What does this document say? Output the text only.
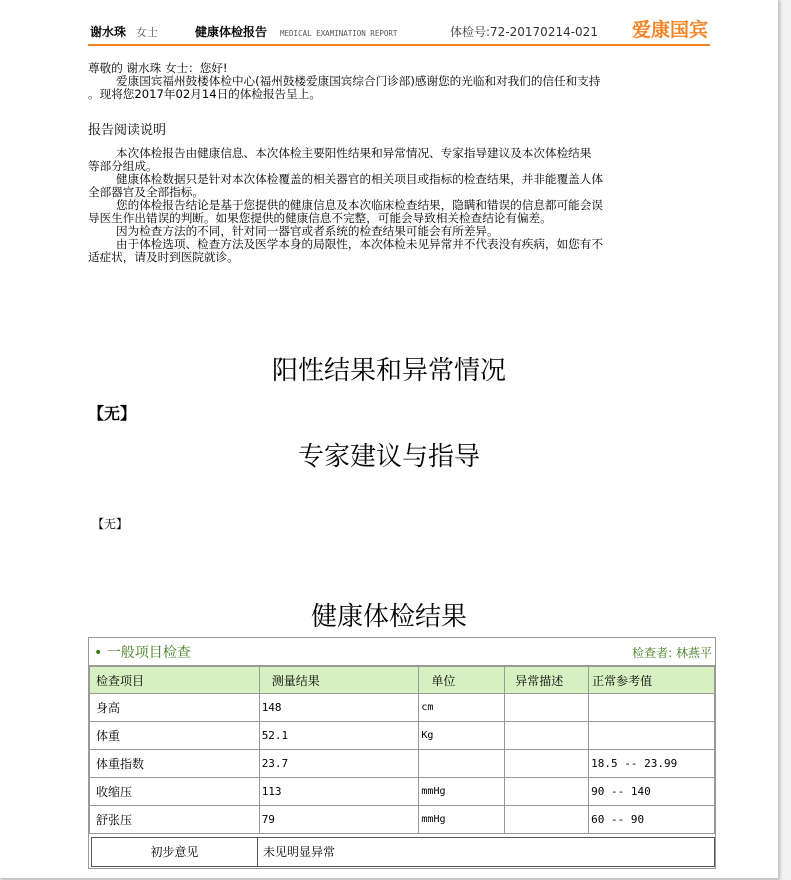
谢水珠 女士	健康体检报告 MEDICAL EXAMINATION REPORT	体检号:72-20170214-021 爱康国宾
尊敬的 谢水珠 女士：您好!
爱康国宾福州鼓楼体检中心(福州鼓楼爱康国宾综合门诊部)感谢您的光临和对我们的信任和支持
。现将您2017年02月14日的体检报告呈上。
报告阅读说明
本次体检报告由健康信息、本次体检主要阳性结果和异常情况、专家指导建议及本次体检结果
等部分组成。
健康体检数据只是针对本次体检覆盖的相关器官的相关项目或指标的检查结果，并非能覆盖人体
全部器官及全部指标。
您的体检报告结论是基于您提供的健康信息及本次临床检查结果，隐瞒和错误的信息都可能会误
导医生作出错误的判断。如果您提供的健康信息不完整，可能会导致相关检查结论有偏差。
因为检查方法的不同，针对同一器官或者系统的检查结果可能会有所差异。
由于体检选项、检查方法及医学本身的局限性，本次体检未见异常并不代表没有疾病，如您有不
适症状，请及时到医院就诊。
阳性结果和异常情况
【无】
专家建议与指导
【无】
健康体检结果
• 一般项目检查	检查者: 林燕平
检查项目	测量结果	单位	异常描述	正常参考值
身高	148	cm		
体重	52.1	Kg		
体重指数	23.7			18.5 -- 23.99
收缩压	113	mmHg		90 -- 140
舒张压	79	mmHg		60 -- 90
初步意见	未见明显异常
